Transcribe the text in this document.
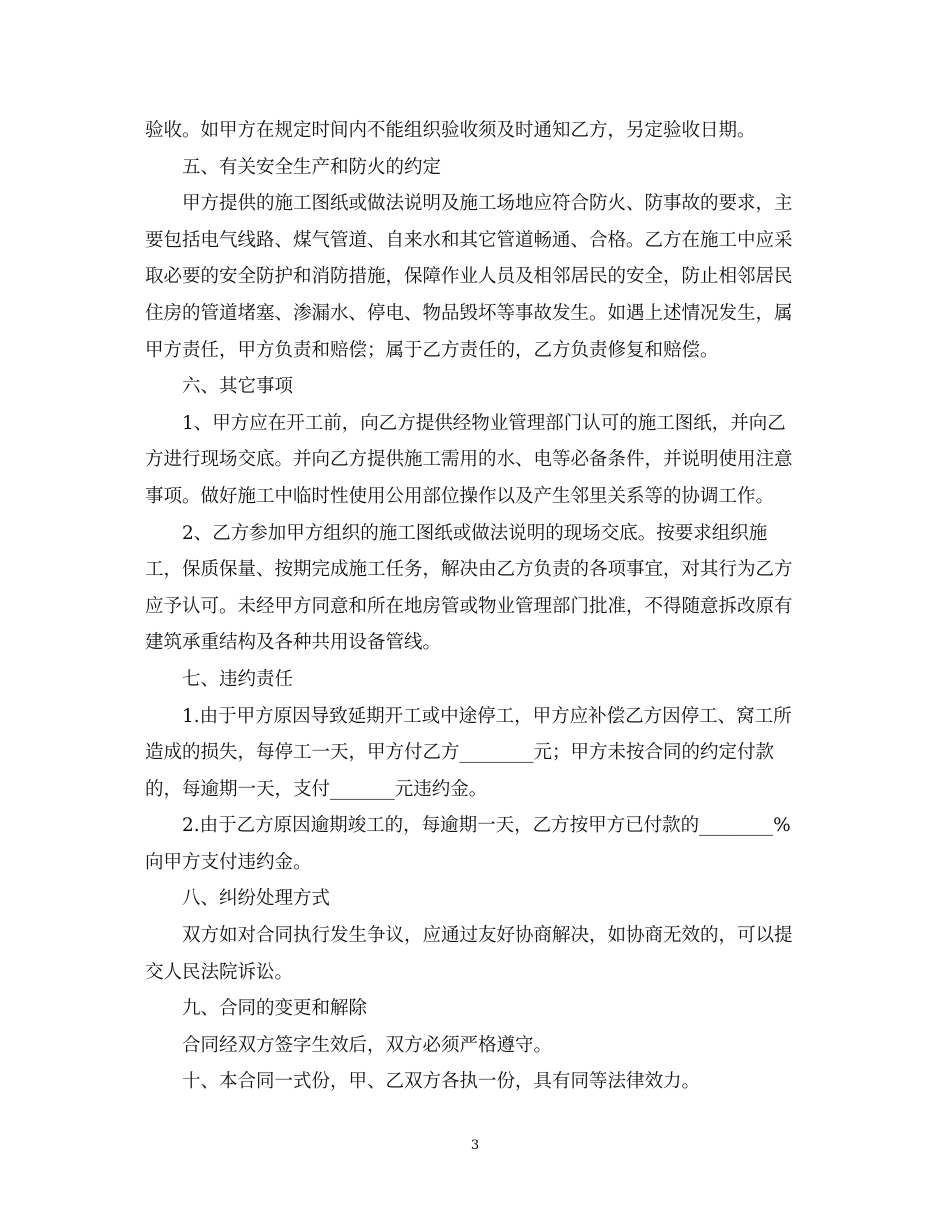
验收。如甲方在规定时间内不能组织验收须及时通知乙方，另定验收日期。
五、有关安全生产和防火的约定
甲方提供的施工图纸或做法说明及施工场地应符合防火、防事故的要求，主
要包括电气线路、煤气管道、自来水和其它管道畅通、合格。乙方在施工中应采
取必要的安全防护和消防措施，保障作业人员及相邻居民的安全，防止相邻居民
住房的管道堵塞、渗漏水、停电、物品毁坏等事故发生。如遇上述情况发生，属
甲方责任，甲方负责和赔偿；属于乙方责任的，乙方负责修复和赔偿。
六、其它事项
1、甲方应在开工前，向乙方提供经物业管理部门认可的施工图纸，并向乙
方进行现场交底。并向乙方提供施工需用的水、电等必备条件，并说明使用注意
事项。做好施工中临时性使用公用部位操作以及产生邻里关系等的协调工作。
2、乙方参加甲方组织的施工图纸或做法说明的现场交底。按要求组织施
工，保质保量、按期完成施工任务，解决由乙方负责的各项事宜，对其行为乙方
应予认可。未经甲方同意和所在地房管或物业管理部门批准，不得随意拆改原有
建筑承重结构及各种共用设备管线。
七、违约责任
1.由于甲方原因导致延期开工或中途停工，甲方应补偿乙方因停工、窝工所
造成的损失，每停工一天，甲方付乙方________元；甲方未按合同的约定付款
的，每逾期一天，支付_______元违约金。
2.由于乙方原因逾期竣工的，每逾期一天，乙方按甲方已付款的________%
向甲方支付违约金。
八、纠纷处理方式
双方如对合同执行发生争议，应通过友好协商解决，如协商无效的，可以提
交人民法院诉讼。
九、合同的变更和解除
合同经双方签字生效后，双方必须严格遵守。
十、本合同一式份，甲、乙双方各执一份，具有同等法律效力。
3
